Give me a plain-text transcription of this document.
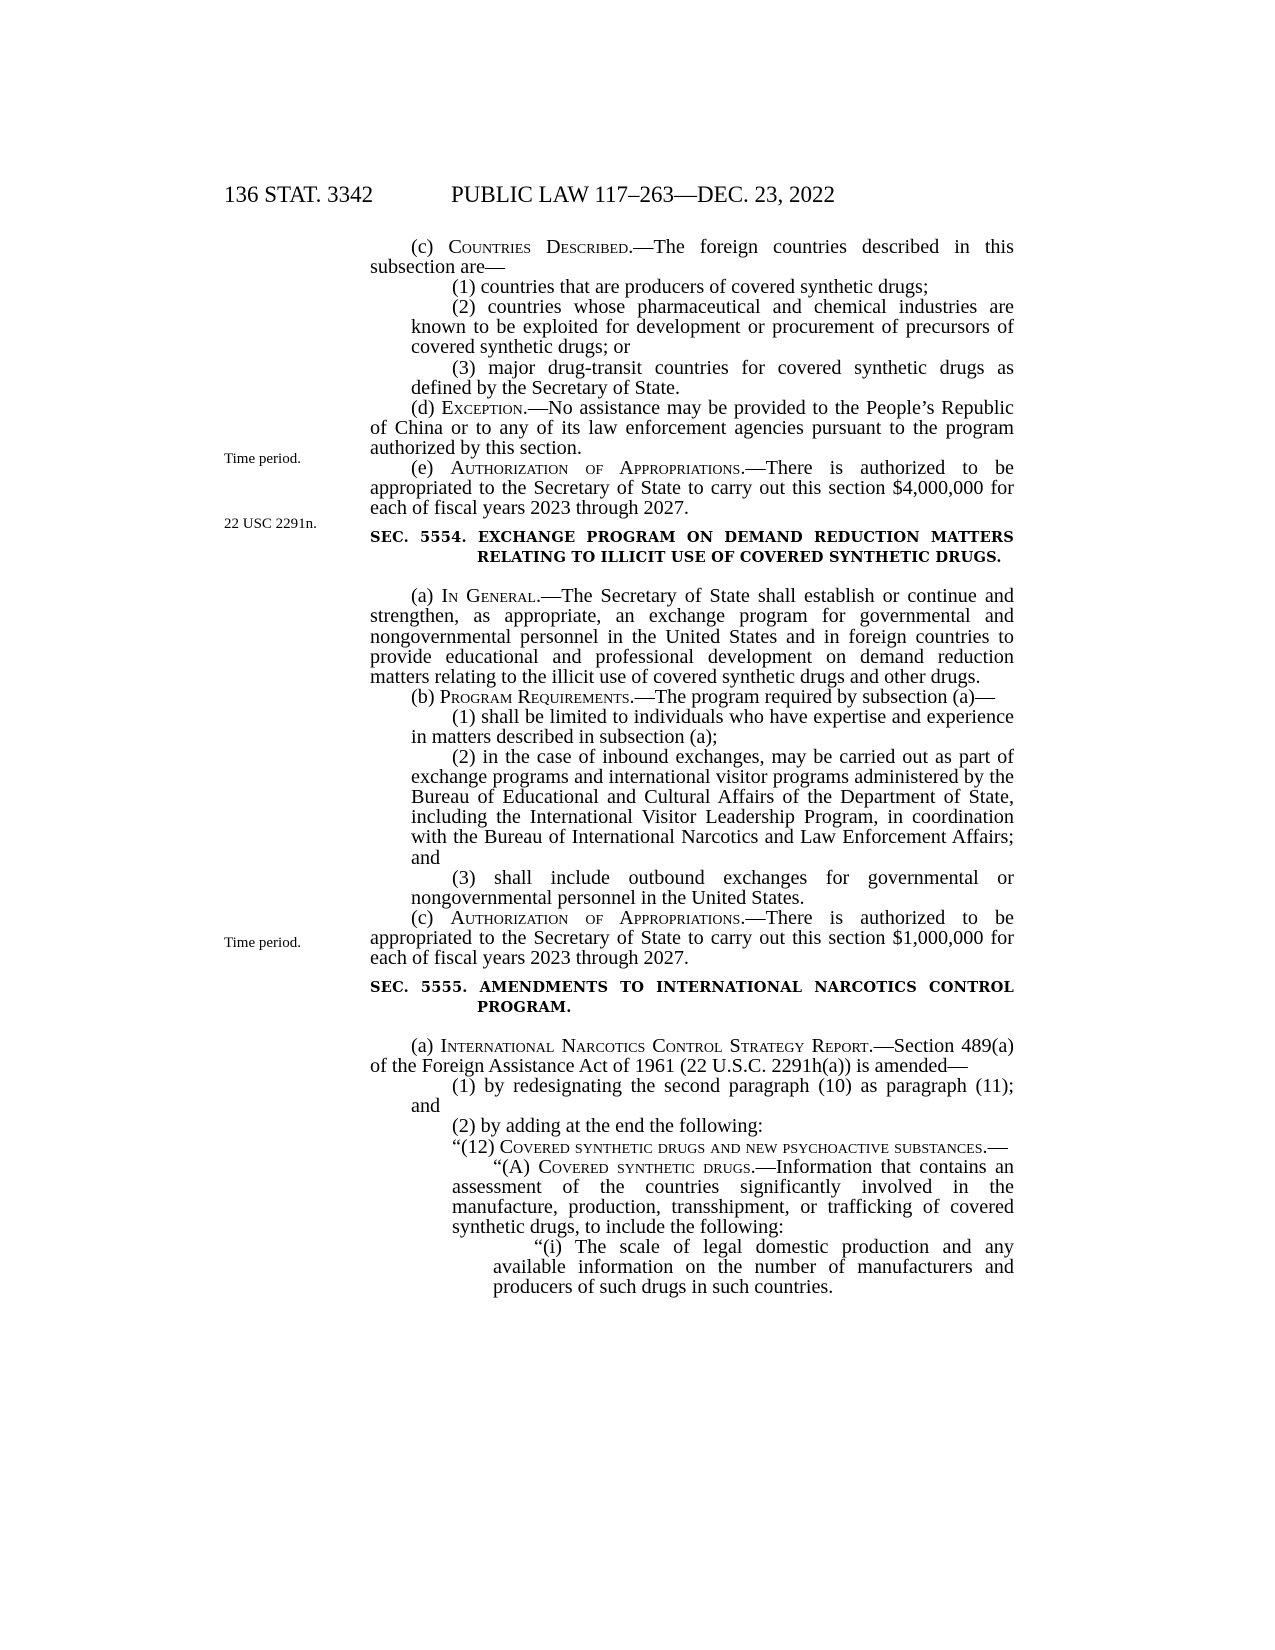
136 STAT. 3342	PUBLIC LAW 117–263—DEC. 23, 2022
Time period.
22 USC 2291n.
Time period.

(c) Countries Described.—The foreign countries described in this subsection are—

(1) countries that are producers of covered synthetic drugs;

(2) countries whose pharmaceutical and chemical industries are known to be exploited for development or procurement of precursors of covered synthetic drugs; or

(3) major drug-transit countries for covered synthetic drugs as defined by the Secretary of State.

(d) Exception.—No assistance may be provided to the People’s Republic of China or to any of its law enforcement agencies pursuant to the program authorized by this section.

(e) Authorization of Appropriations.—There is authorized to be appropriated to the Secretary of State to carry out this section $4,000,000 for each of fiscal years 2023 through 2027.

SEC. 5554. EXCHANGE PROGRAM ON DEMAND REDUCTION MATTERS RELATING TO ILLICIT USE OF COVERED SYNTHETIC DRUGS.

(a) In General.—The Secretary of State shall establish or continue and strengthen, as appropriate, an exchange program for governmental and nongovernmental personnel in the United States and in foreign countries to provide educational and professional development on demand reduction matters relating to the illicit use of covered synthetic drugs and other drugs.

(b) Program Requirements.—The program required by subsection (a)—

(1) shall be limited to individuals who have expertise and experience in matters described in subsection (a);

(2) in the case of inbound exchanges, may be carried out as part of exchange programs and international visitor programs administered by the Bureau of Educational and Cultural Affairs of the Department of State, including the International Visitor Leadership Program, in coordination with the Bureau of International Narcotics and Law Enforcement Affairs; and

(3) shall include outbound exchanges for governmental or nongovernmental personnel in the United States.

(c) Authorization of Appropriations.—There is authorized to be appropriated to the Secretary of State to carry out this section $1,000,000 for each of fiscal years 2023 through 2027.

SEC. 5555. AMENDMENTS TO INTERNATIONAL NARCOTICS CONTROL PROGRAM.

(a) International Narcotics Control Strategy Report.—Section 489(a) of the Foreign Assistance Act of 1961 (22 U.S.C. 2291h(a)) is amended—

(1) by redesignating the second paragraph (10) as paragraph (11); and

(2) by adding at the end the following:

“(12) Covered synthetic drugs and new psychoactive substances.—

“(A) Covered synthetic drugs.—Information that contains an assessment of the countries significantly involved in the manufacture, production, transshipment, or trafficking of covered synthetic drugs, to include the following:

“(i) The scale of legal domestic production and any available information on the number of manufacturers and producers of such drugs in such countries.
